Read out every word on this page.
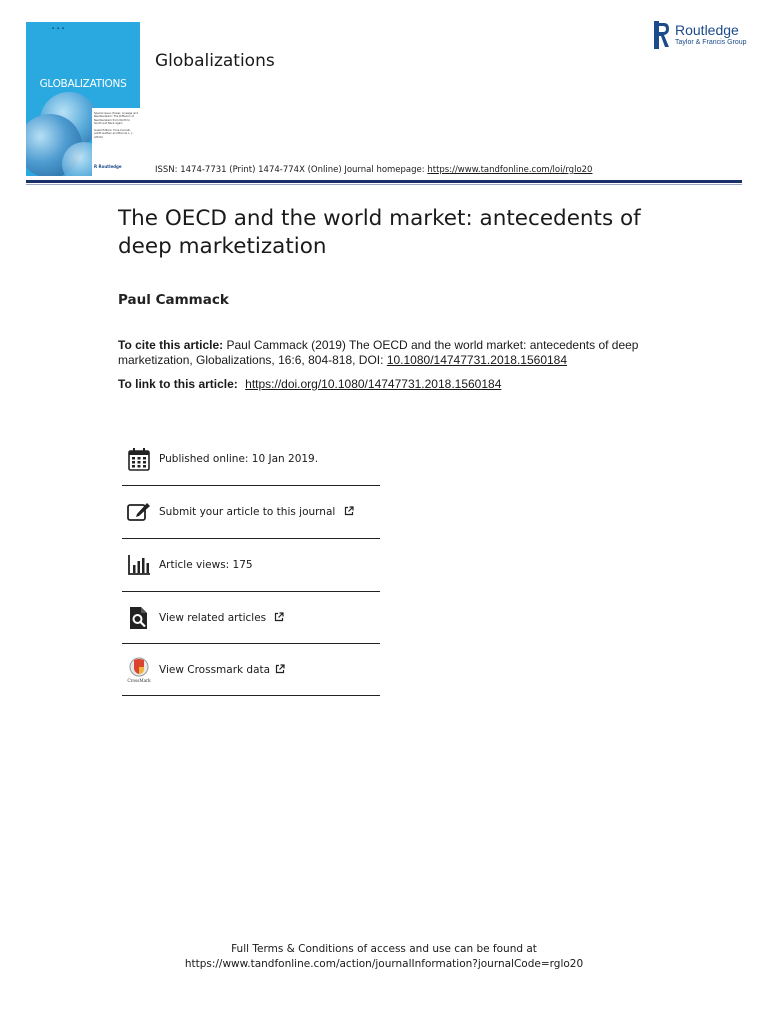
▪ ▪ ▪
GLOBALIZATIONS
Special issue: Power, Lineage and Neoliberalism: The Diffusion of Neoliberalism from North to South and Back Again

Guest Editors: Tiina Cornelii, Judith Gathen and Bonnie L. J. (2019)
R Routledge
Globalizations
ISSN: 1474-7731 (Print) 1474-774X (Online) Journal homepage: https://www.tandfonline.com/loi/rglo20
Routledge
Taylor & Francis Group
The OECD and the world market: antecedents of deep marketization
Paul Cammack
To cite this article: Paul Cammack (2019) The OECD and the world market: antecedents of deep marketization, Globalizations, 16:6, 804-818, DOI: 10.1080/14747731.2018.1560184
To link to this article: https://doi.org/10.1080/14747731.2018.1560184
Published online: 10 Jan 2019.
Submit your article to this journal
Article views: 175
View related articles
CrossMark
View Crossmark data
Full Terms & Conditions of access and use can be found at
https://www.tandfonline.com/action/journalInformation?journalCode=rglo20
